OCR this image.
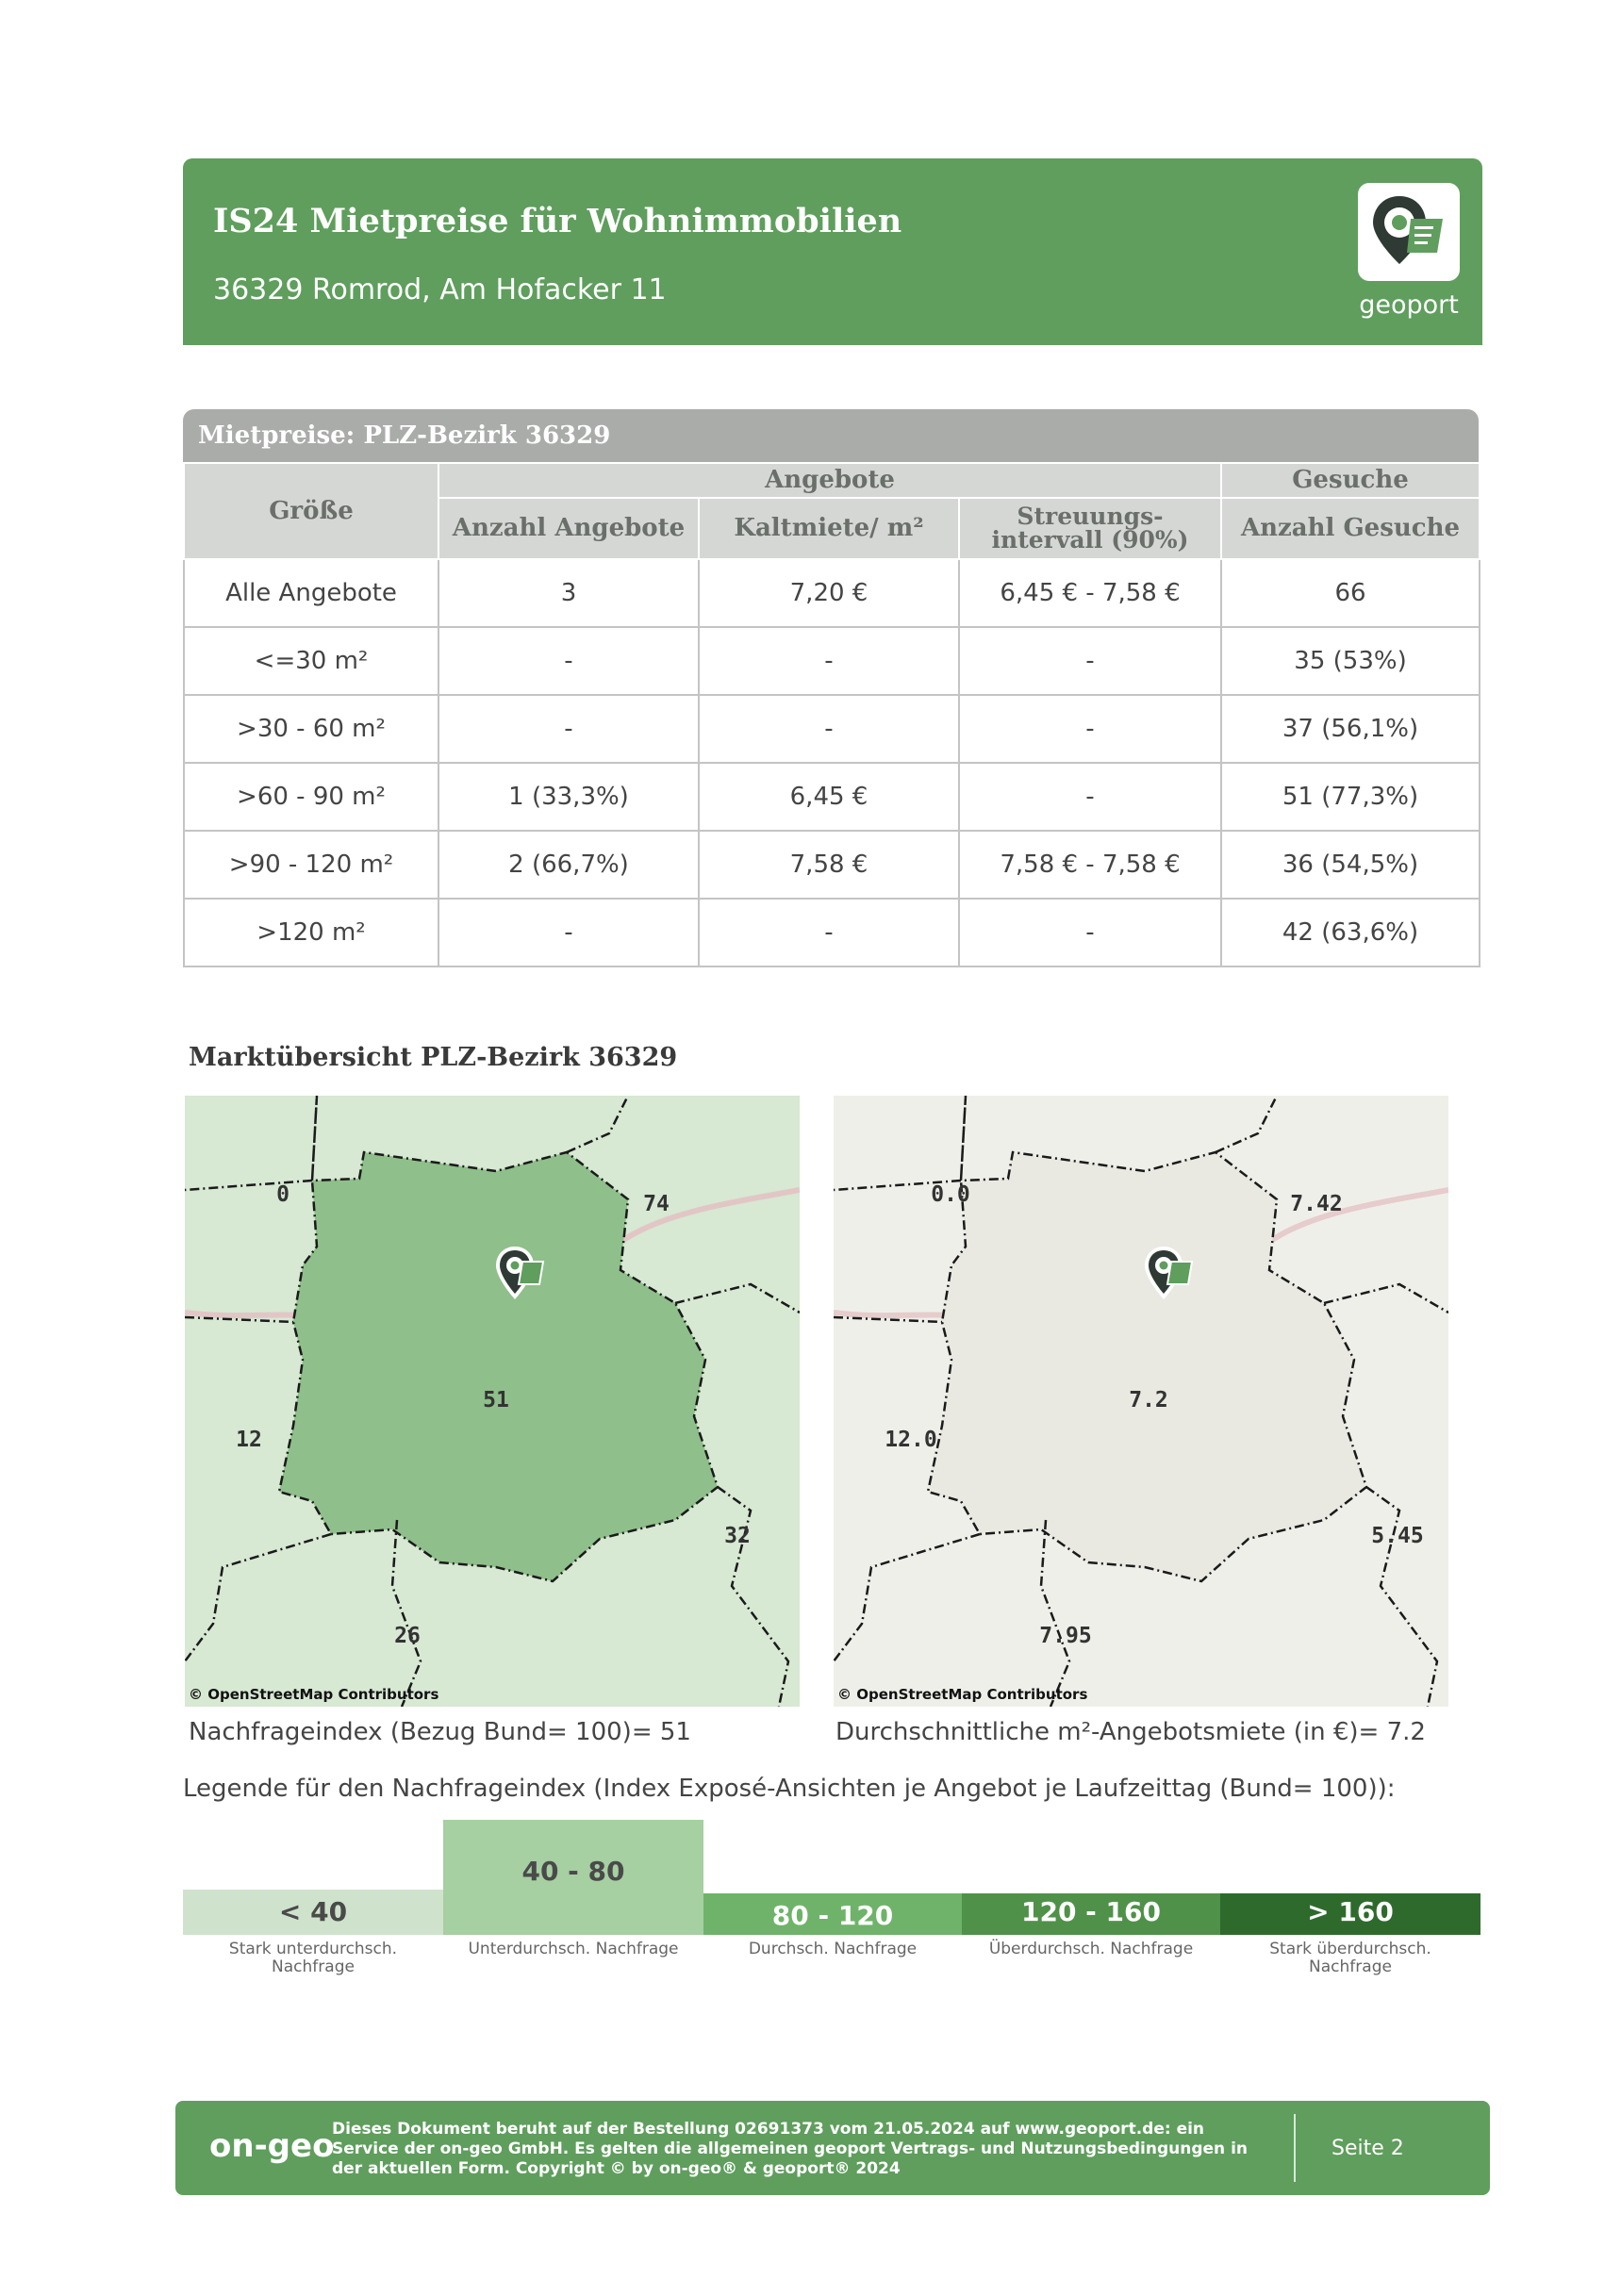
IS24 Mietpreise für Wohnimmobilien
36329 Romrod, Am Hofacker 11	geoport
Mietpreise: PLZ-Bezirk 36329
Größe	Angebote			Gesuche
	Anzahl Angebote	Kaltmiete/ m²	Streuungs-
intervall (90%)	Anzahl Gesuche
Alle Angebote	3	7,20 €	6,45 € - 7,58 €	66
<=30 m²	-	-	-	35 (53%)
>30 - 60 m²	-	-	-	37 (56,1%)
>60 - 90 m²	1 (33,3%)	6,45 €	-	51 (77,3%)
>90 - 120 m²	2 (66,7%)	7,58 €	7,58 € - 7,58 €	36 (54,5%)
>120 m²	-	-	-	42 (63,6%)
Marktübersicht PLZ-Bezirk 36329
0	74
51
12
32
26
© OpenStreetMap Contributors
0.0	7.42
7.2
12.0
5.45
7.95
© OpenStreetMap Contributors
Nachfrageindex (Bezug Bund= 100)= 51	Durchschnittliche m²-Angebotsmiete (in €)= 7.2
Legende für den Nachfrageindex (Index Exposé-Ansichten je Angebot je Laufzeittag (Bund= 100)):
< 40
40 - 80
80 - 120	120 - 160	> 160
Stark unterdurchsch.
Nachfrage
Unterdurchsch. Nachfrage	Durchsch. Nachfrage	Überdurchsch. Nachfrage	Stark überdurchsch.
Nachfrage
on-geo
Dieses Dokument beruht auf der Bestellung 02691373 vom 21.05.2024 auf www.geoport.de: ein Service der on-geo GmbH. Es gelten die allgemeinen geoport Vertrags- und Nutzungsbedingungen in der aktuellen Form. Copyright © by on-geo® & geoport® 2024
Seite 2
